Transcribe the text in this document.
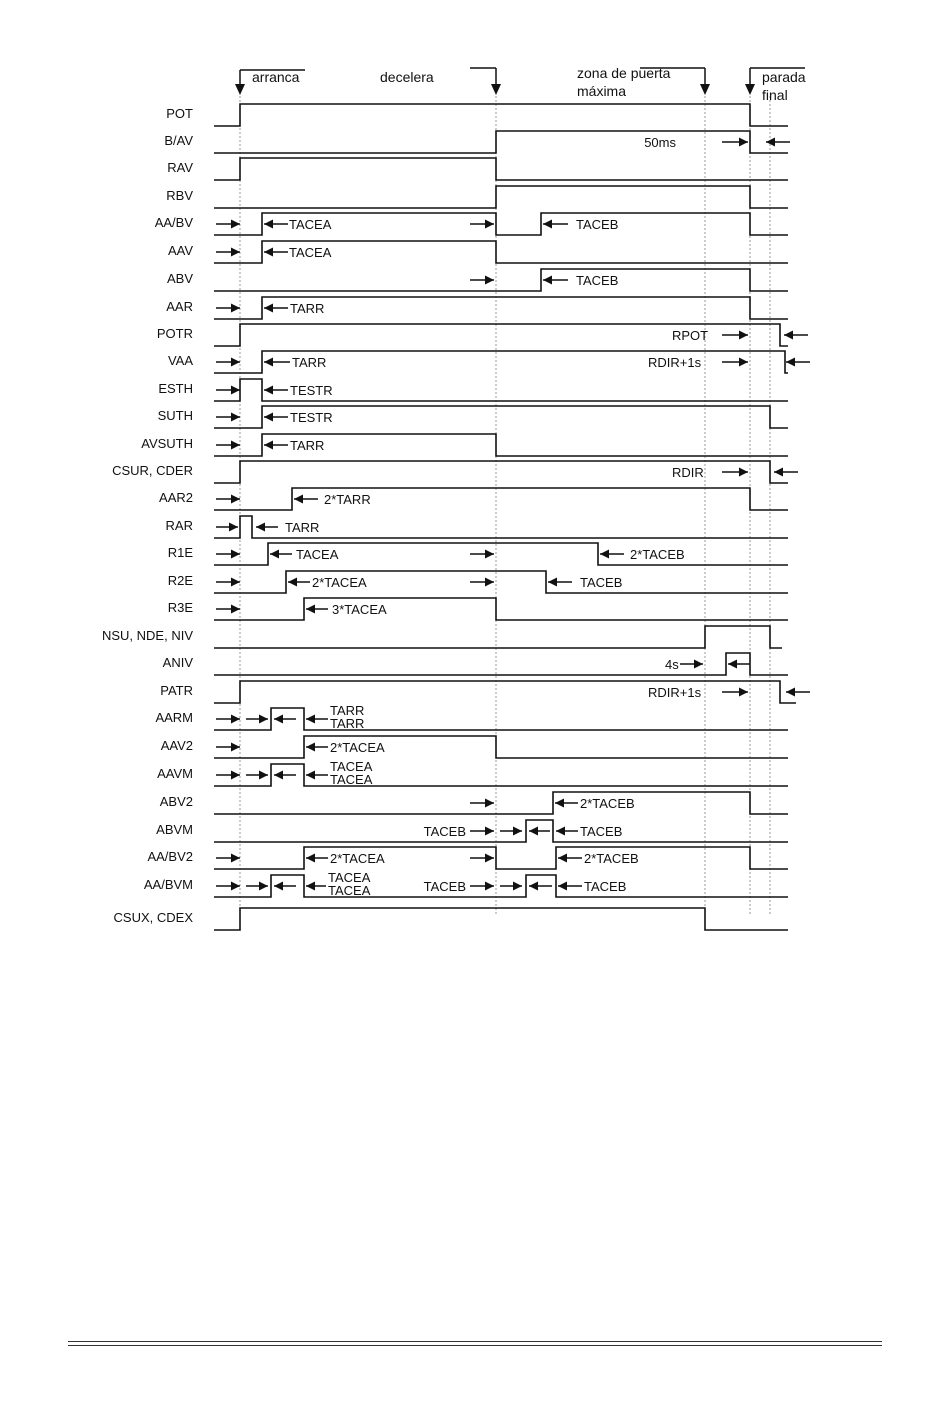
arranca	decelera	zona de puerta
máxima
parada
final
POT
B/AV
RAV
RBV
AA/BV
AAV
ABV
AAR
POTR
VAA
ESTH
SUTH
AVSUTH
CSUR, CDER
AAR2
RAR
R1E
R2E
R3E
NSU, NDE, NIV
ANIV
PATR
AARM
AAV2
AAVM
ABV2
ABVM
AA/BV2
AA/BVM
CSUX, CDEX
50ms
TACEA	TACEB
TACEA
TACEB
TARR
RPOT
TARR	RDIR+1s
TESTR
TESTR
TARR
RDIR
2*TARR
TARR
TACEA	2*TACEB
2*TACEA	TACEB
3*TACEA
4s
RDIR+1s
TARR
TARR
2*TACEA
TACEA
TACEA
2*TACEB
TACEB	TACEB
2*TACEA	2*TACEB
TACEA
TACEA	TACEB	TACEB
